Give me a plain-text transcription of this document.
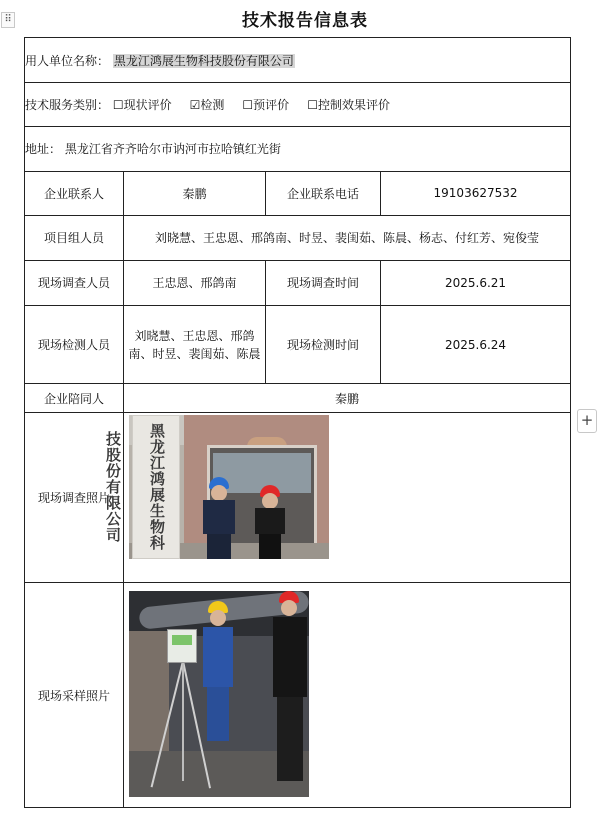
⠿
+
技术报告信息表
用人单位名称： 黑龙江鸿展生物科技股份有限公司			
技术服务类别： ☐现状评价 ☑检测 ☐预评价 ☐控制效果评价			
地址： 黑龙江省齐齐哈尔市讷河市拉哈镇红光街			
企业联系人	秦鹏	企业联系电话	19103627532
项目组人员	刘晓慧、王忠恩、邢鸽南、时昱、裴闺茹、陈晨、杨志、付红芳、宛俊莹		
现场调查人员	王忠恩、邢鸽南	现场调查时间	2025.6.21
现场检测人员	刘晓慧、王忠恩、邢鸽南、时昱、裴闺茹、陈晨	现场检测时间	2025.6.24
企业陪同人	秦鹏		
现场调查照片	黑龙江鸿展生物科技股份有限公司		

现场采样照片			
